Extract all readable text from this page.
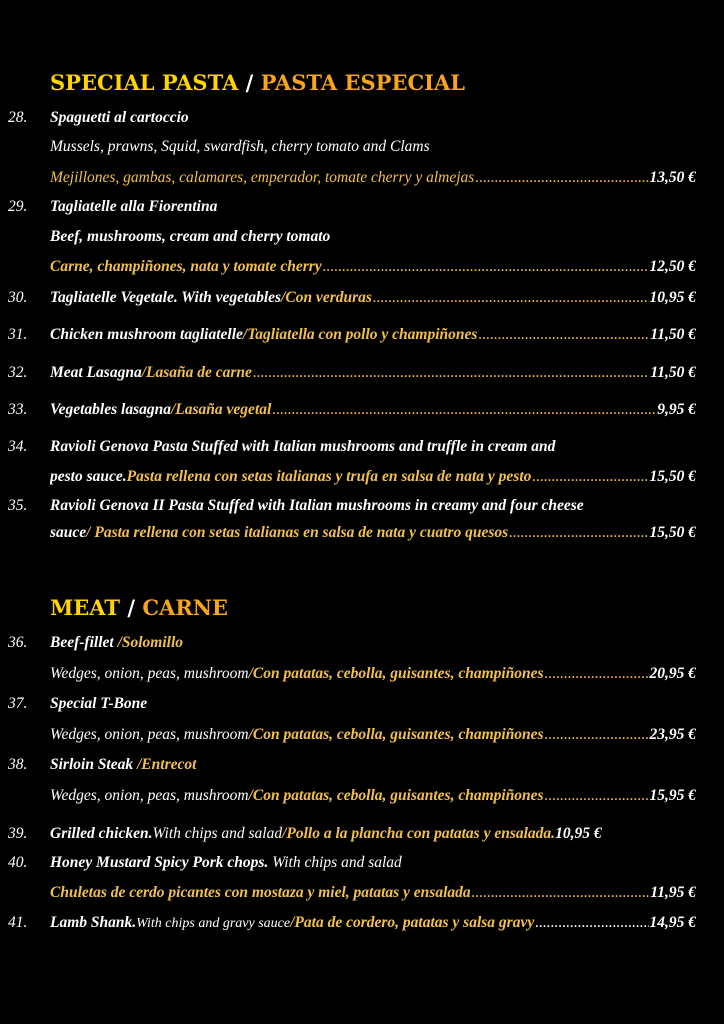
SPECIAL PASTA / PASTA ESPECIAL
28.	Spaguetti al cartoccio
Mussels, prawns, Squid, swardfish, cherry tomato and Clams
Mejillones, gambas, calamares, emperador, tomate cherry y almejas .....	13,50 €
29.	Tagliatelle alla Fiorentina
Beef, mushrooms, cream and cherry tomato
Carne, champiñones, nata y tomate cherry .....	12,50 €
30.	Tagliatelle Vegetale. With vegetables /Con verduras .....	10,95 €
31.	Chicken mushroom tagliatelle /Tagliatella con pollo y champiñones .....	11,50 €
32.	Meat Lasagna /Lasaña de carne .....	11,50 €
33.	Vegetables lasagna /Lasaña vegetal .....	9,95 €
34.	Ravioli Genova Pasta Stuffed with Italian mushrooms and truffle in cream and
pesto sauce. Pasta rellena con setas italianas y trufa en salsa de nata y pesto .....	15,50 €
35.	Ravioli Genova II Pasta Stuffed with Italian mushrooms in creamy and four cheese
sauce / Pasta rellena con setas italianas en salsa de nata y cuatro quesos .....	15,50 €
MEAT / CARNE
36.	Beef-fillet /Solomillo
Wedges, onion, peas, mushroom /Con patatas, cebolla, guisantes, champiñones .....	20,95 €
37.	Special T-Bone
Wedges, onion, peas, mushroom /Con patatas, cebolla, guisantes, champiñones .....	23,95 €
38.	Sirloin Steak /Entrecot
Wedges, onion, peas, mushroom /Con patatas, cebolla, guisantes, champiñones .....	15,95 €
39.	Grilled chicken. With chips and salad /Pollo a la plancha con patatas y ensalada. 10,95 €
40.	Honey Mustard Spicy Pork chops. With chips and salad
Chuletas de cerdo picantes con mostaza y miel, patatas y ensalada .....	11,95 €
41.	Lamb Shank. With chips and gravy sauce /Pata de cordero, patatas y salsa gravy .....	14,95 €
